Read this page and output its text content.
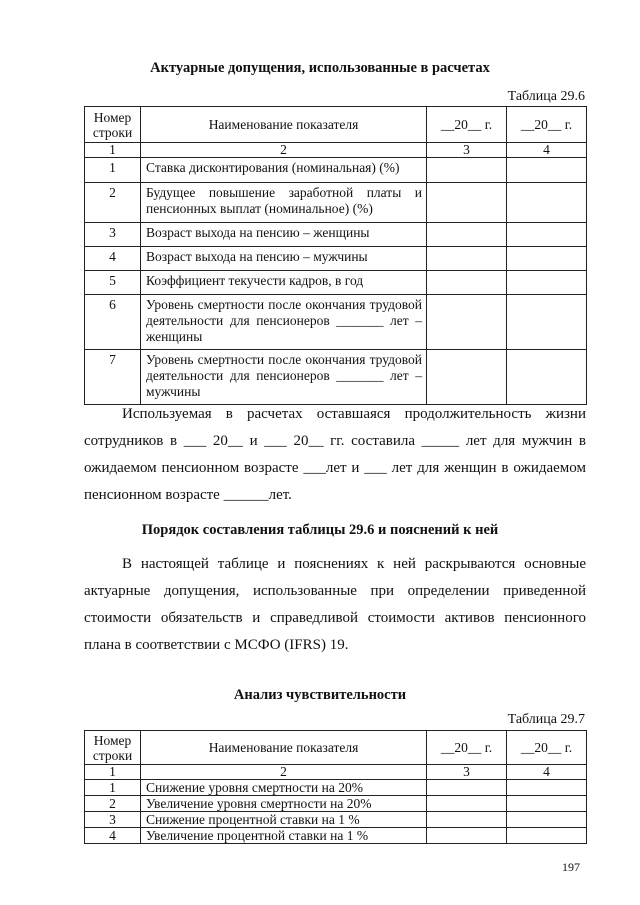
Актуарные допущения, использованные в расчетах

Таблица 29.6
Номер строки	Наименование показателя	__20__ г.	__20__ г.
1	2	3	4
1	Ставка дисконтирования (номинальная) (%)		
2	Будущее повышение заработной платы и пенсионных выплат (номинальное) (%)		
3	Возраст выхода на пенсию – женщины		
4	Возраст выхода на пенсию – мужчины		
5	Коэффициент текучести кадров, в год		
6	Уровень смертности после окончания трудовой деятельности для пенсионеров _______ лет – женщины		
7	Уровень смертности после окончания трудовой деятельности для пенсионеров _______ лет – мужчины		
Используемая в расчетах оставшаяся продолжительность жизни
сотрудников в ___ 20__ и ___ 20__ гг. составила _____ лет для мужчин в
ожидаемом пенсионном возрасте ___лет и ___ лет для женщин в ожидаемом
пенсионном возрасте ______лет.

Порядок составления таблицы 29.6 и пояснений к ней

В настоящей таблице и пояснениях к ней раскрываются основные
актуарные допущения, использованные при определении приведенной
стоимости обязательств и справедливой стоимости активов пенсионного
плана в соответствии с МСФО (IFRS) 19.

Анализ чувствительности

Таблица 29.7
Номер строки	Наименование показателя	__20__ г.	__20__ г.
1	2	3	4
1	Снижение уровня смертности на 20%		
2	Увеличение уровня смертности на 20%		
3	Снижение процентной ставки на 1 %		
4	Увеличение процентной ставки на 1 %		
197
